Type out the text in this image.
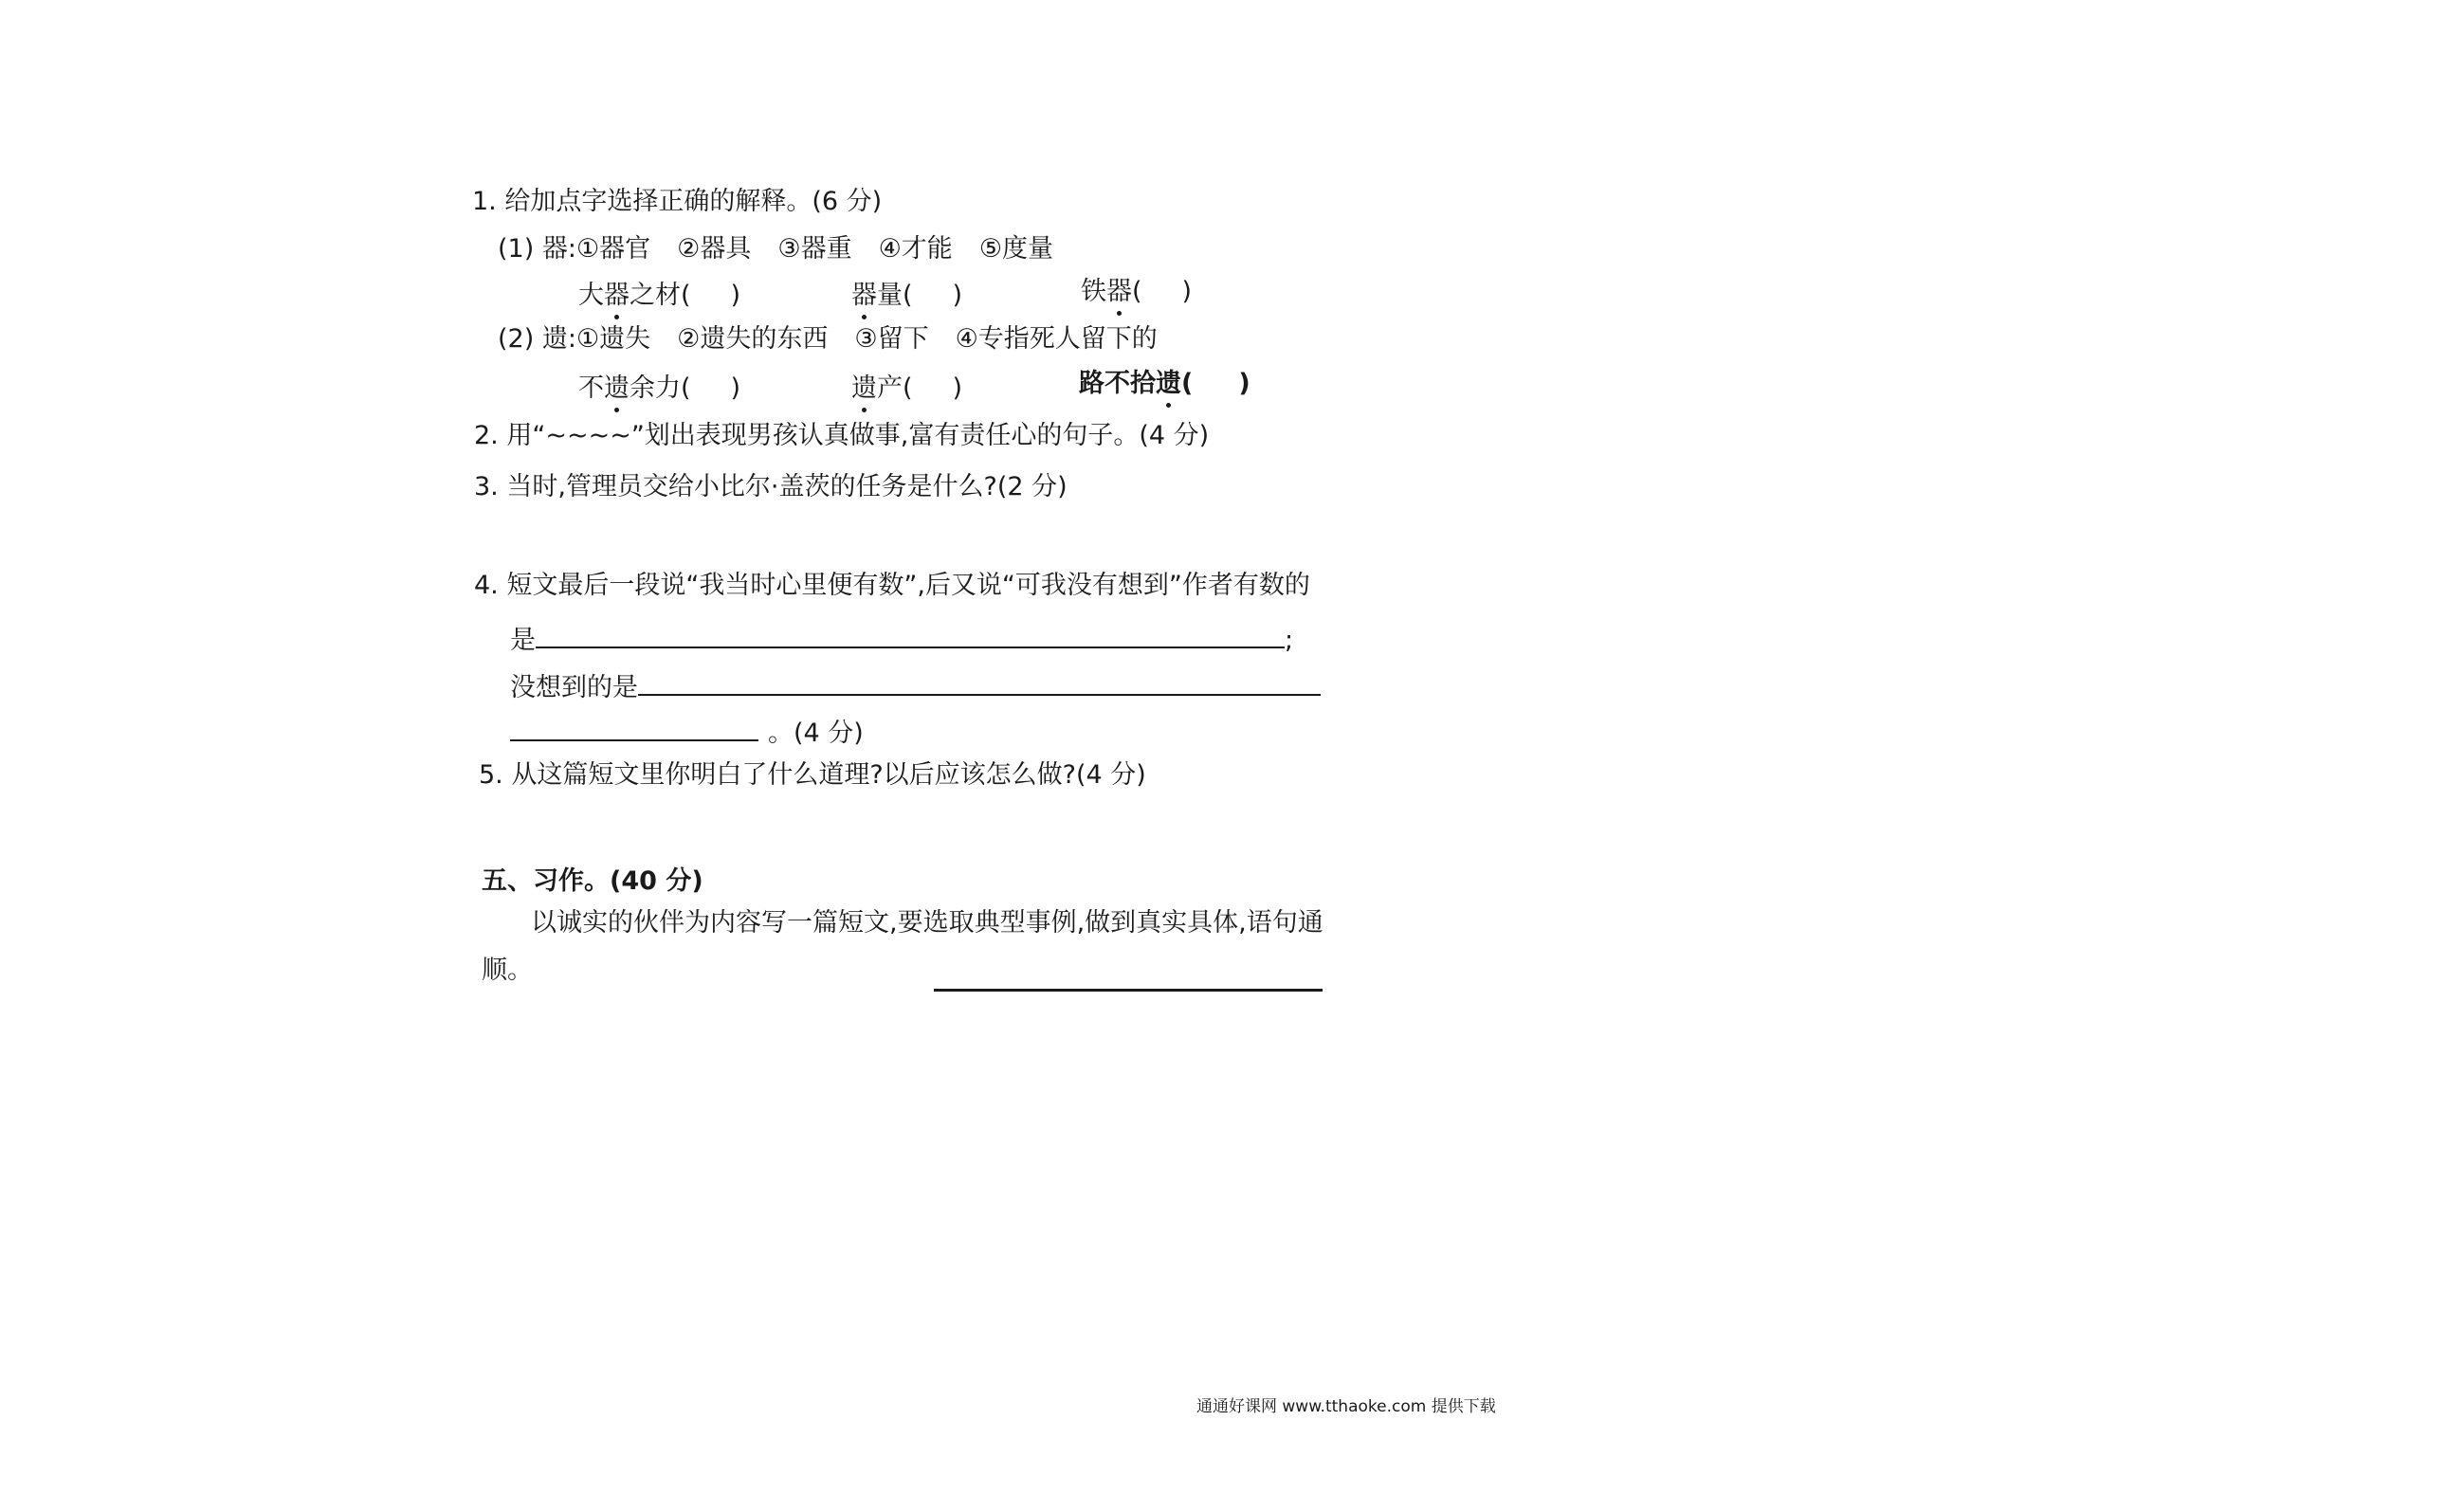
1. 给加点字选择正确的解释。(6 分)
(1) 器:①器官 ②器具 ③器重 ④才能 ⑤度量
大器之材( )	器量( )	铁器( )
(2) 遗:①遗失 ②遗失的东西 ③留下 ④专指死人留下的
不遗余力( )	遗产( )	路不拾遗( )
2. 用“~~~~”划出表现男孩认真做事,富有责任心的句子。(4 分)
3. 当时,管理员交给小比尔·盖茨的任务是什么?(2 分)
4. 短文最后一段说“我当时心里便有数”,后又说“可我没有想到”作者有数的
是	;
没想到的是
。(4 分)
5. 从这篇短文里你明白了什么道理?以后应该怎么做?(4 分)
五、习作。(40 分)
以诚实的伙伴为内容写一篇短文,要选取典型事例,做到真实具体,语句通
顺。
通通好课网 www.tthaoke.com 提供下载
